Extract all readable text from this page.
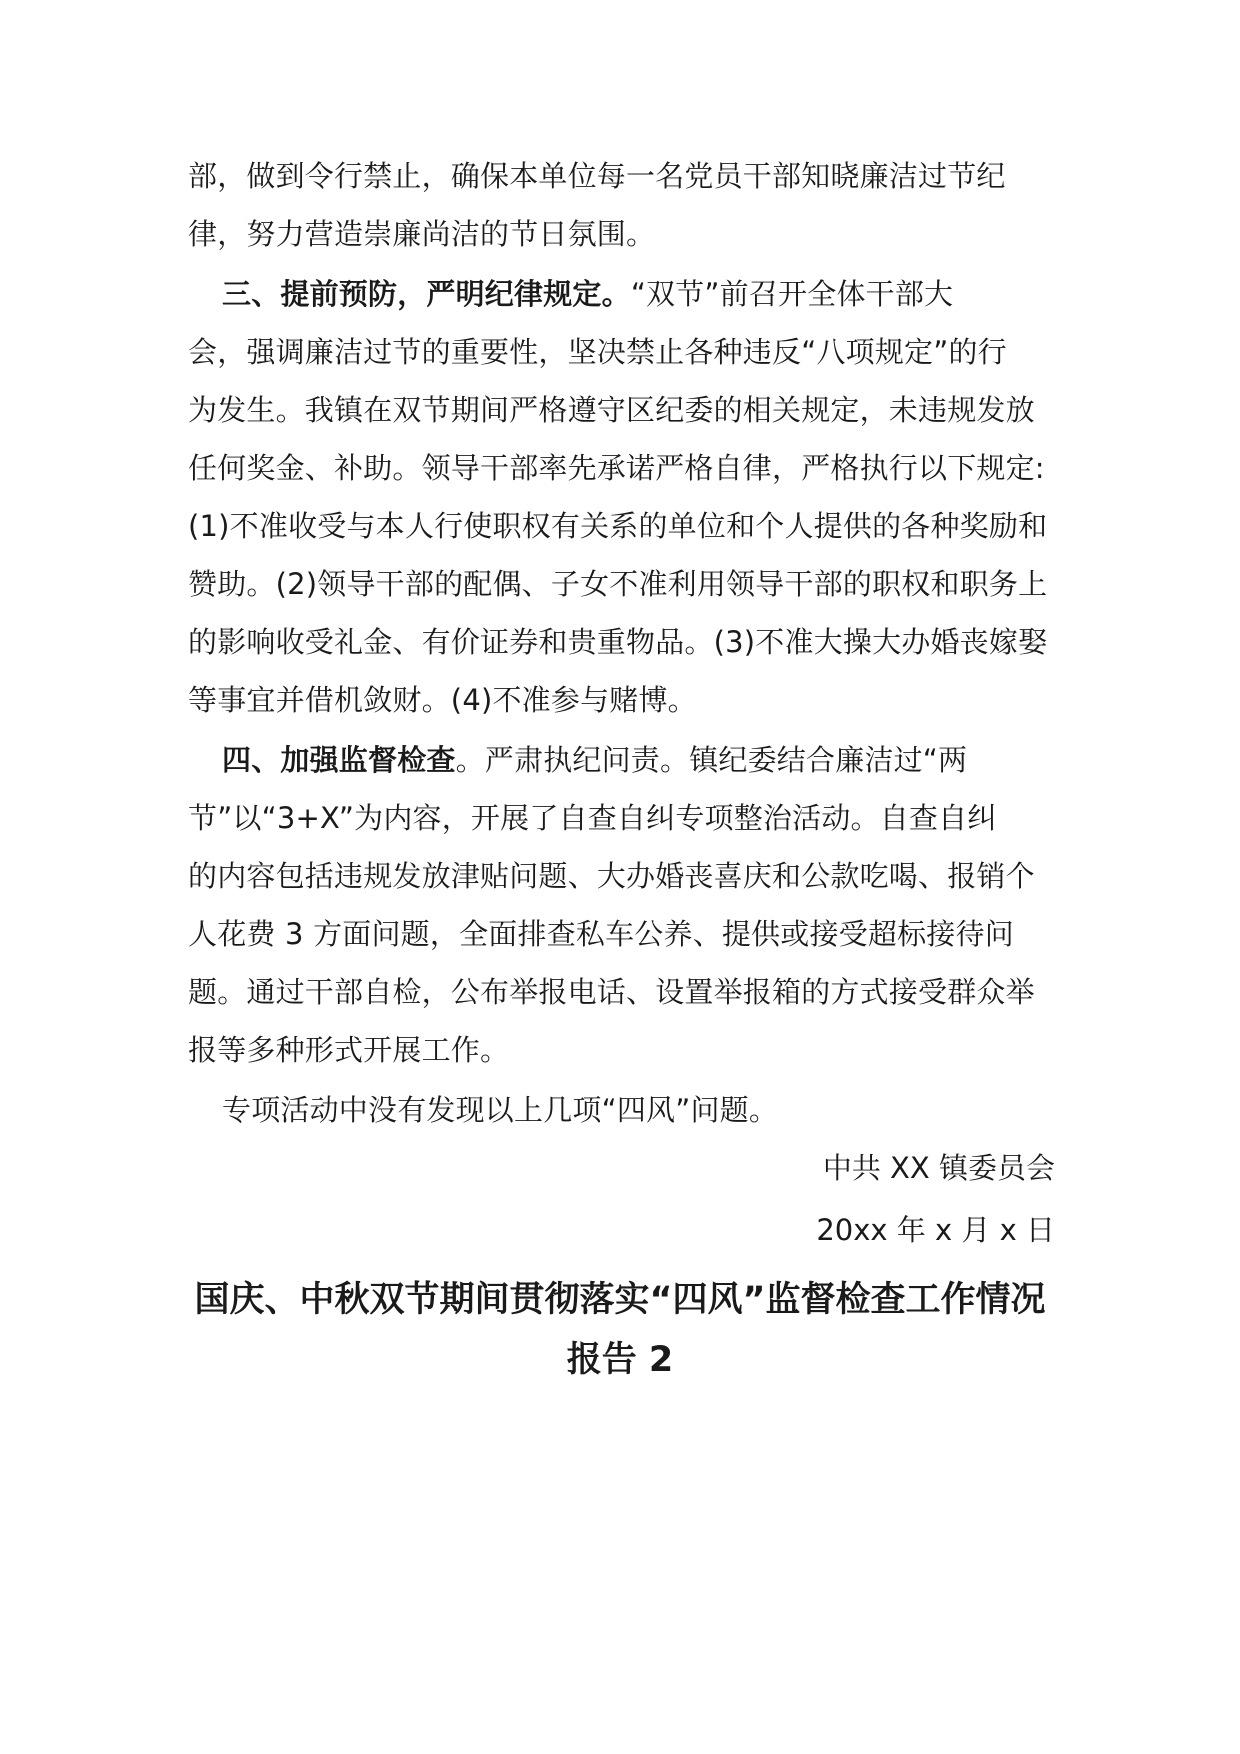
部，做到令行禁止，确保本单位每一名党员干部知晓廉洁过节纪
律，努力营造崇廉尚洁的节日氛围。
三、提前预防，严明纪律规定。“双节”前召开全体干部大
会，强调廉洁过节的重要性，坚决禁止各种违反“八项规定”的行
为发生。我镇在双节期间严格遵守区纪委的相关规定，未违规发放
任何奖金、补助。领导干部率先承诺严格自律，严格执行以下规定:
(1)不准收受与本人行使职权有关系的单位和个人提供的各种奖励和
赞助。(2)领导干部的配偶、子女不准利用领导干部的职权和职务上
的影响收受礼金、有价证券和贵重物品。(3)不准大操大办婚丧嫁娶
等事宜并借机敛财。(4)不准参与赌博。
四、加强监督检查。严肃执纪问责。镇纪委结合廉洁过“两
节”以“3+X”为内容，开展了自查自纠专项整治活动。自查自纠
的内容包括违规发放津贴问题、大办婚丧喜庆和公款吃喝、报销个
人花费 3 方面问题，全面排查私车公养、提供或接受超标接待问
题。通过干部自检，公布举报电话、设置举报箱的方式接受群众举
报等多种形式开展工作。
专项活动中没有发现以上几项“四风”问题。
中共 XX 镇委员会
20xx 年 x 月 x 日
国庆、中秋双节期间贯彻落实“四风”监督检查工作情况
报告 2
